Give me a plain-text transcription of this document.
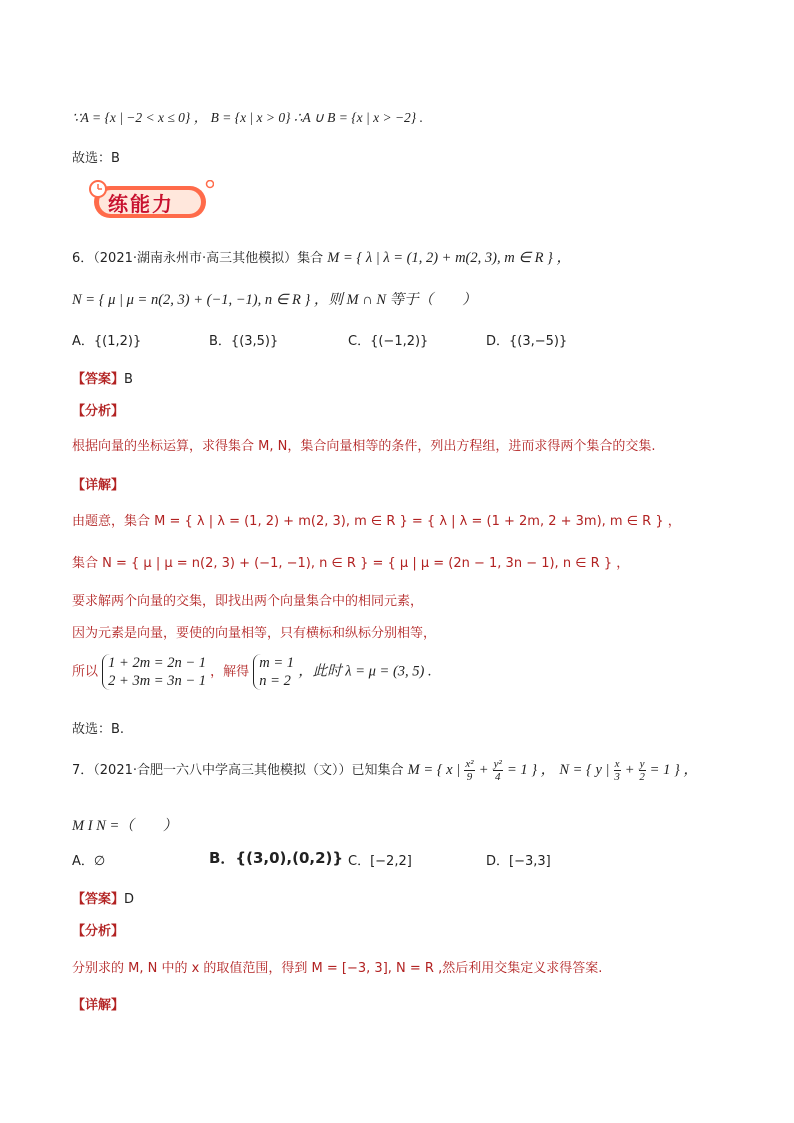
∵A = {x | −2 < x ≤ 0} ， B = {x | x > 0} ∴A ∪ B = {x | x > −2} .
故选：B
练能力
6．（2021·湖南永州市·高三其他模拟）集合 M = { λ | λ = (1, 2) + m(2, 3), m ∈ R } ，
N = { μ | μ = n(2, 3) + (−1, −1), n ∈ R } ，则 M ∩ N 等于（　　）
A．{(1,2)}	B．{(3,5)}	C．{(−1,2)}	D．{(3,−5)}
【答案】B
【分析】
根据向量的坐标运算，求得集合 M, N，集合向量相等的条件，列出方程组，进而求得两个集合的交集.
【详解】
由题意，集合 M = { λ | λ = (1, 2) + m(2, 3), m ∈ R } = { λ | λ = (1 + 2m, 2 + 3m), m ∈ R } ，
集合 N = { μ | μ = n(2, 3) + (−1, −1), n ∈ R } = { μ | μ = (2n − 1, 3n − 1), n ∈ R } ，
要求解两个向量的交集，即找出两个向量集合中的相同元素，
因为元素是向量，要使的向量相等，只有横标和纵标分别相等，
所以
1 + 2m = 2n − 1
2 + 3m = 3n − 1
，解得
m = 1
n = 2
，此时 λ = μ = (3, 5) .
故选：B.
7．（2021·合肥一六八中学高三其他模拟（文））已知集合 M = { x | $\frac{\text{x²}}{9} + \frac{\text{y²}}{4} = 1$ } ， N = { y | $\frac{x}{3} + \frac{y}{2} = 1$ } ，
M I N =（　　）
A．∅	B．{(3,0),(0,2)} C．[−2,2]	D．[−3,3]
【答案】D
【分析】
分别求的 M, N 中的 x 的取值范围，得到 M = [−3, 3], N = R ,然后利用交集定义求得答案.
【详解】
